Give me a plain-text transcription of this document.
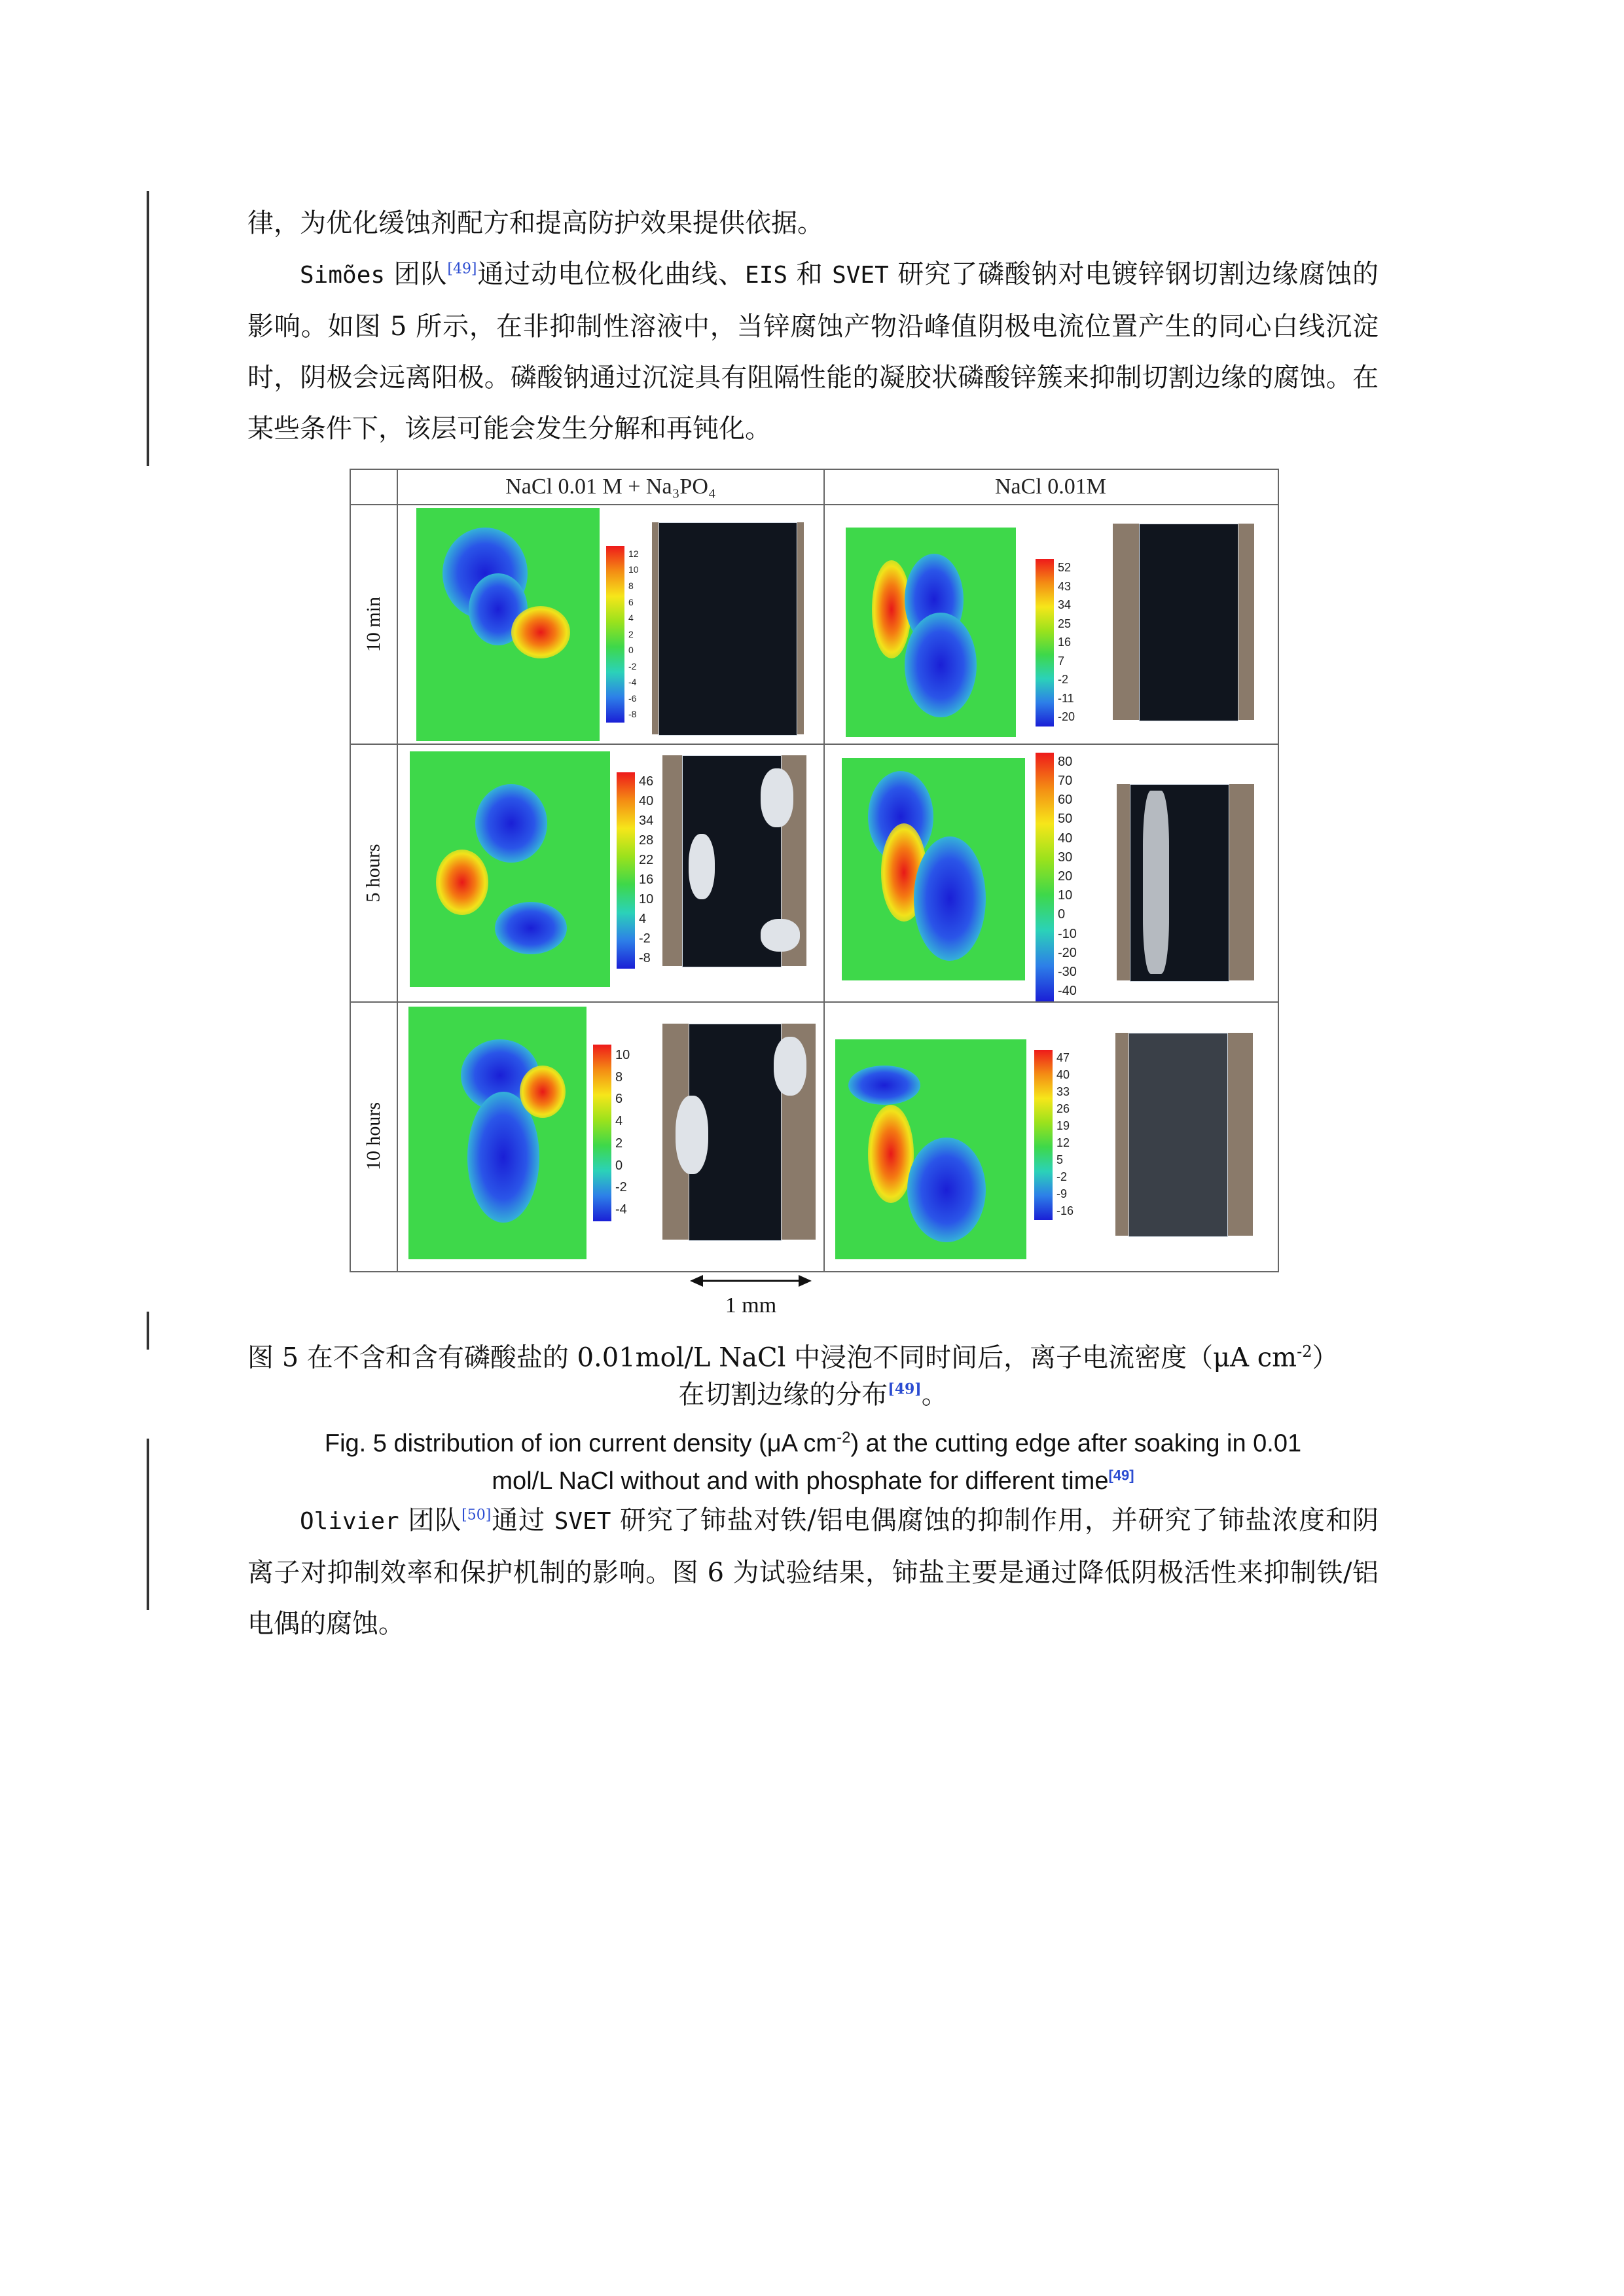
律，为优化缓蚀剂配方和提高防护效果提供依据。

Simões 团队[49]通过动电位极化曲线、EIS 和 SVET 研究了磷酸钠对电镀锌钢切割边缘腐蚀的影响。如图 5 所示，在非抑制性溶液中，当锌腐蚀产物沿峰值阴极电流位置产生的同心白线沉淀时，阴极会远离阳极。磷酸钠通过沉淀具有阻隔性能的凝胶状磷酸锌簇来抑制切割边缘的腐蚀。在某些条件下，该层可能会发生分解和再钝化。

NaCl 0.01 M + Na₃PO₄	NaCl 0.01M
10 min
5 hours
10 hours
12
10
8
6
4
2
0
-2
-4
-6
-8
52
43
34
25
16
7
-2
-11
-20
46
40
34
28
22
16
10
4
-2
-8
80
70
60
50
40
30
20
10
0
-10
-20
-30
-40
10
8
6
4
2
0
-2
-4
47
40
33
26
19
12
5
-2
-9
-16
1 mm

图 5 在不含和含有磷酸盐的 0.01mol/L NaCl 中浸泡不同时间后，离子电流密度（μA $cm^{-2}$）

在切割边缘的分布[49]。

Fig. 5 distribution of ion current density (μA $cm^{-2}$) at the cutting edge after soaking in 0.01

mol/L NaCl without and with phosphate for different time[49]

Olivier 团队[50]通过 SVET 研究了铈盐对铁/铝电偶腐蚀的抑制作用，并研究了铈盐浓度和阴离子对抑制效率和保护机制的影响。图 6 为试验结果，铈盐主要是通过降低阴极活性来抑制铁/铝电偶的腐蚀。
